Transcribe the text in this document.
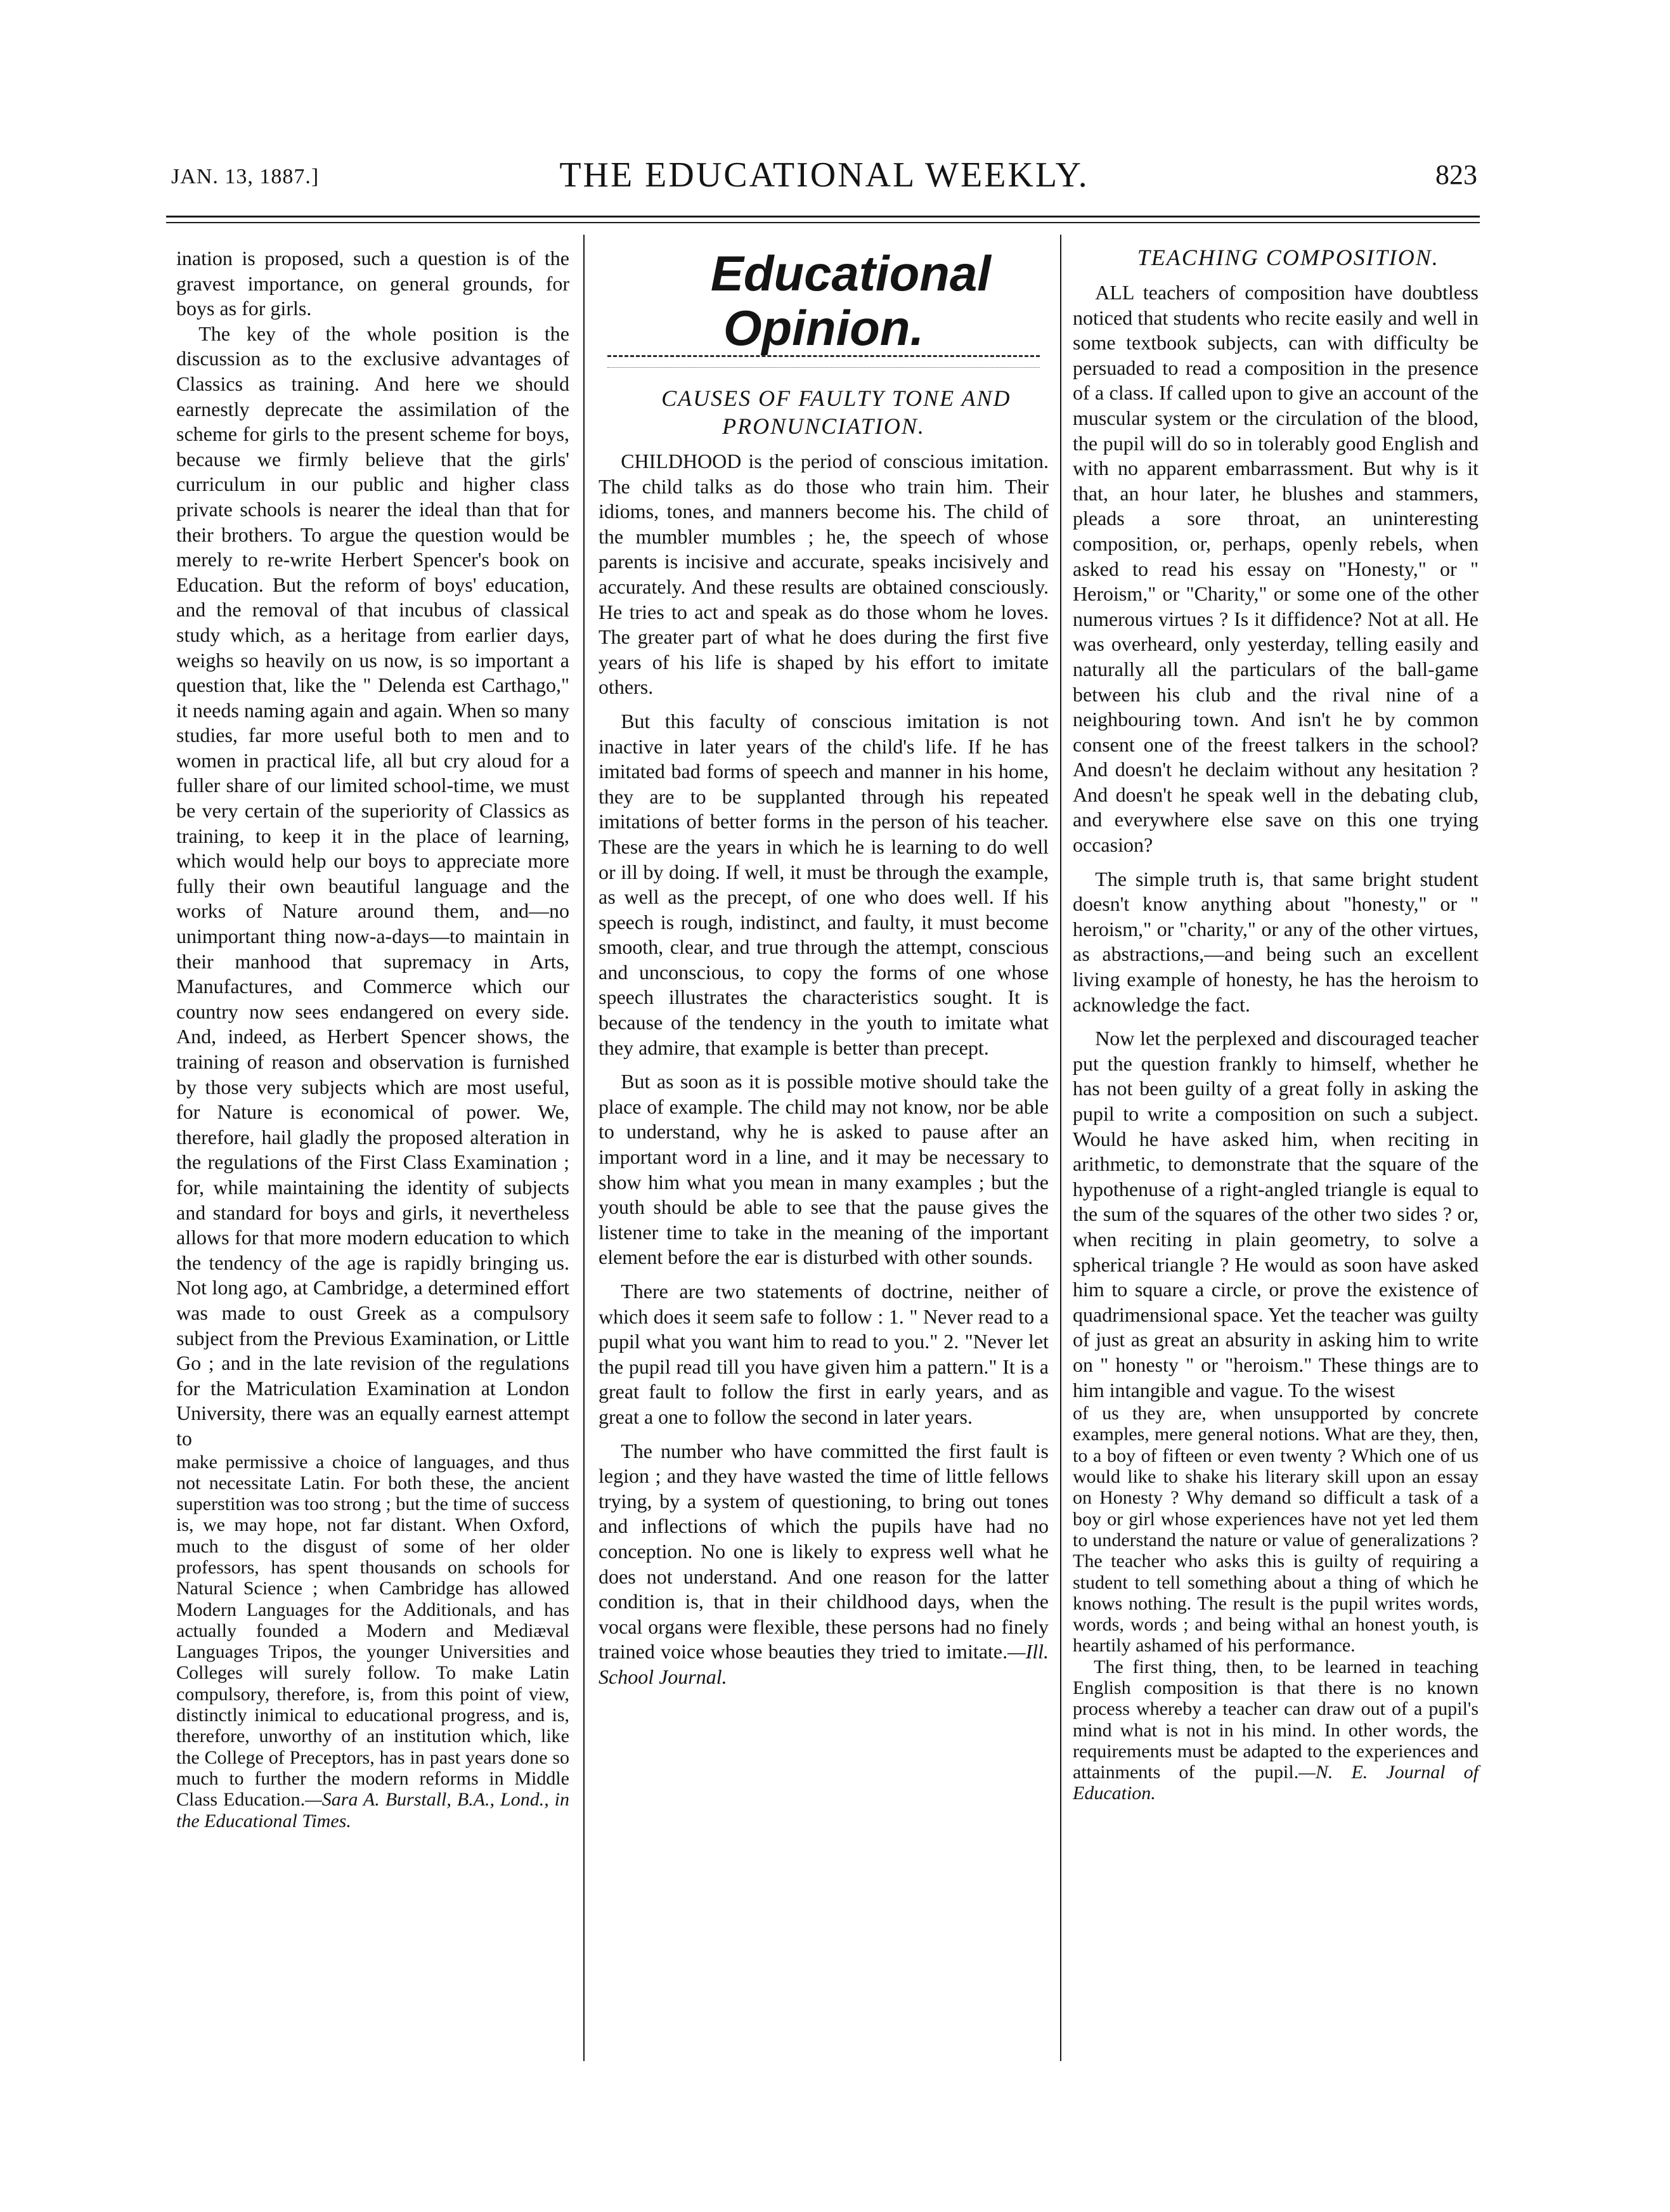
JAN. 13, 1887.]	THE EDUCATIONAL WEEKLY.	823

ination is proposed, such a question is of the gravest importance, on general grounds, for boys as for girls.

The key of the whole position is the discussion as to the exclusive advantages of Classics as training. And here we should earnestly deprecate the assimilation of the scheme for girls to the present scheme for boys, because we firmly believe that the girls' curriculum in our public and higher class private schools is nearer the ideal than that for their brothers. To argue the question would be merely to re-write Herbert Spencer's book on Education. But the reform of boys' education, and the removal of that incubus of classical study which, as a heritage from earlier days, weighs so heavily on us now, is so important a question that, like the " Delenda est Carthago," it needs naming again and again. When so many studies, far more useful both to men and to women in practical life, all but cry aloud for a fuller share of our limited school-time, we must be very certain of the superiority of Classics as training, to keep it in the place of learning, which would help our boys to appreciate more fully their own beautiful language and the works of Nature around them, and—no unimportant thing now-a-days—to maintain in their manhood that supremacy in Arts, Manufactures, and Commerce which our country now sees endangered on every side. And, indeed, as Herbert Spencer shows, the training of reason and observation is furnished by those very subjects which are most useful, for Nature is economical of power. We, therefore, hail gladly the proposed alteration in the regulations of the First Class Examination ; for, while maintaining the identity of subjects and standard for boys and girls, it nevertheless allows for that more modern education to which the tendency of the age is rapidly bringing us. Not long ago, at Cambridge, a determined effort was made to oust Greek as a compulsory subject from the Previous Examination, or Little Go ; and in the late revision of the regulations for the Matriculation Examination at London University, there was an equally earnest attempt to

make permissive a choice of languages, and thus not necessitate Latin. For both these, the ancient superstition was too strong ; but the time of success is, we may hope, not far distant. When Oxford, much to the disgust of some of her older professors, has spent thousands on schools for Natural Science ; when Cambridge has allowed Modern Languages for the Additionals, and has actually founded a Modern and Mediæval Languages Tripos, the younger Universities and Colleges will surely follow. To make Latin compulsory, therefore, is, from this point of view, distinctly inimical to educational progress, and is, therefore, unworthy of an institution which, like the College of Preceptors, has in past years done so much to further the modern reforms in Middle Class Education.—Sara A. Burstall, B.A., Lond., in the Educational Times.

Educational Opinion.

CAUSES OF FAULTY TONE AND PRONUNCIATION.

CHILDHOOD is the period of conscious imitation. The child talks as do those who train him. Their idioms, tones, and manners become his. The child of the mumbler mumbles ; he, the speech of whose parents is incisive and accurate, speaks incisively and accurately. And these results are obtained consciously. He tries to act and speak as do those whom he loves. The greater part of what he does during the first five years of his life is shaped by his effort to imitate others.

But this faculty of conscious imitation is not inactive in later years of the child's life. If he has imitated bad forms of speech and manner in his home, they are to be supplanted through his repeated imitations of better forms in the person of his teacher. These are the years in which he is learning to do well or ill by doing. If well, it must be through the example, as well as the precept, of one who does well. If his speech is rough, indistinct, and faulty, it must become smooth, clear, and true through the attempt, conscious and unconscious, to copy the forms of one whose speech illustrates the characteristics sought. It is because of the tendency in the youth to imitate what they admire, that example is better than precept.

But as soon as it is possible motive should take the place of example. The child may not know, nor be able to understand, why he is asked to pause after an important word in a line, and it may be necessary to show him what you mean in many examples ; but the youth should be able to see that the pause gives the listener time to take in the meaning of the important element before the ear is disturbed with other sounds.

There are two statements of doctrine, neither of which does it seem safe to follow : 1. " Never read to a pupil what you want him to read to you." 2. "Never let the pupil read till you have given him a pattern." It is a great fault to follow the first in early years, and as great a one to follow the second in later years.

The number who have committed the first fault is legion ; and they have wasted the time of little fellows trying, by a system of questioning, to bring out tones and inflections of which the pupils have had no conception. No one is likely to express well what he does not understand. And one reason for the latter condition is, that in their childhood days, when the vocal organs were flexible, these persons had no finely trained voice whose beauties they tried to imitate.—Ill. School Journal.

TEACHING COMPOSITION.

ALL teachers of composition have doubtless noticed that students who recite easily and well in some textbook subjects, can with difficulty be persuaded to read a composition in the presence of a class. If called upon to give an account of the muscular system or the circulation of the blood, the pupil will do so in tolerably good English and with no apparent embarrassment. But why is it that, an hour later, he blushes and stammers, pleads a sore throat, an uninteresting composition, or, perhaps, openly rebels, when asked to read his essay on "Honesty," or " Heroism," or "Charity," or some one of the other numerous virtues ? Is it diffidence? Not at all. He was overheard, only yesterday, telling easily and naturally all the particulars of the ball-game between his club and the rival nine of a neighbouring town. And isn't he by common consent one of the freest talkers in the school? And doesn't he declaim without any hesitation ? And doesn't he speak well in the debating club, and everywhere else save on this one trying occasion?

The simple truth is, that same bright student doesn't know anything about "honesty," or " heroism," or "charity," or any of the other virtues, as abstractions,—and being such an excellent living example of honesty, he has the heroism to acknowledge the fact.

Now let the perplexed and discouraged teacher put the question frankly to himself, whether he has not been guilty of a great folly in asking the pupil to write a composition on such a subject. Would he have asked him, when reciting in arithmetic, to demonstrate that the square of the hypothenuse of a right-angled triangle is equal to the sum of the squares of the other two sides ? or, when reciting in plain geometry, to solve a spherical triangle ? He would as soon have asked him to square a circle, or prove the existence of quadrimensional space. Yet the teacher was guilty of just as great an absurity in asking him to write on " honesty " or "heroism." These things are to him intangible and vague. To the wisest

of us they are, when unsupported by concrete examples, mere general notions. What are they, then, to a boy of fifteen or even twenty ? Which one of us would like to shake his literary skill upon an essay on Honesty ? Why demand so difficult a task of a boy or girl whose experiences have not yet led them to understand the nature or value of generalizations ? The teacher who asks this is guilty of requiring a student to tell something about a thing of which he knows nothing. The result is the pupil writes words, words, words ; and being withal an honest youth, is heartily ashamed of his performance.

The first thing, then, to be learned in teaching English composition is that there is no known process whereby a teacher can draw out of a pupil's mind what is not in his mind. In other words, the requirements must be adapted to the experiences and attainments of the pupil.—N. E. Journal of Education.
